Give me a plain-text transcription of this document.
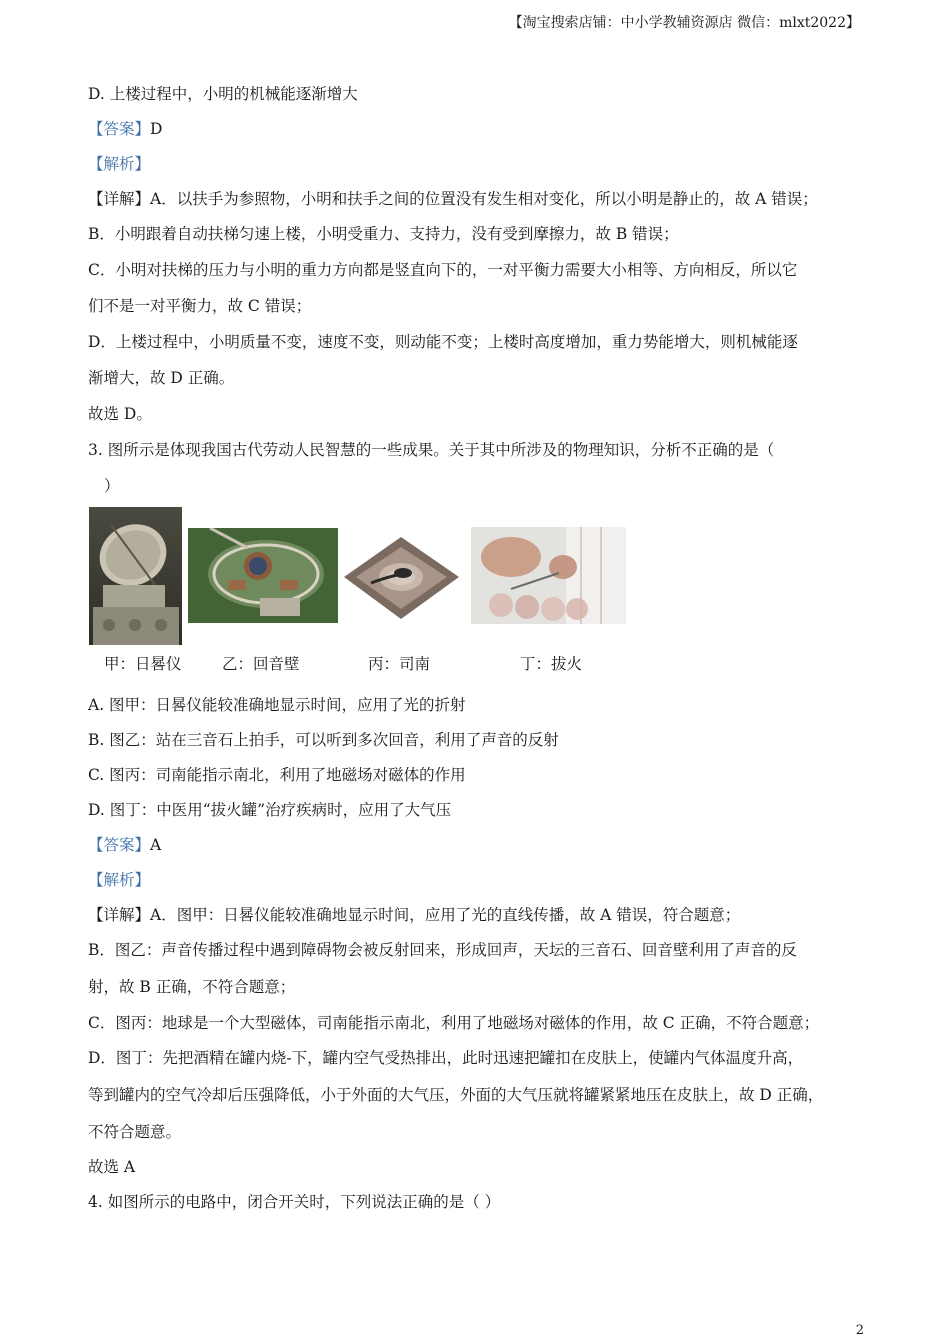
【淘宝搜索店铺：中小学教辅资源店 微信：mlxt2022】
D. 上楼过程中，小明的机械能逐渐增大
【答案】D
【解析】
【详解】A．以扶手为参照物，小明和扶手之间的位置没有发生相对变化，所以小明是静止的，故 A 错误；
B．小明跟着自动扶梯匀速上楼，小明受重力、支持力，没有受到摩擦力，故 B 错误；
C．小明对扶梯的压力与小明的重力方向都是竖直向下的，一对平衡力需要大小相等、方向相反，所以它
们不是一对平衡力，故 C 错误；
D．上楼过程中，小明质量不变，速度不变，则动能不变；上楼时高度增加，重力势能增大，则机械能逐
渐增大，故 D 正确。
故选 D。
3. 图所示是体现我国古代劳动人民智慧的一些成果。关于其中所涉及的物理知识，分析不正确的是（
）
甲：日晷仪	乙：回音壁	丙：司南	丁：拔火
A. 图甲：日晷仪能较准确地显示时间，应用了光的折射
B. 图乙：站在三音石上拍手，可以听到多次回音，利用了声音的反射
C. 图丙：司南能指示南北，利用了地磁场对磁体的作用
D. 图丁：中医用“拔火罐”治疗疾病时，应用了大气压
【答案】A
【解析】
【详解】A．图甲：日晷仪能较准确地显示时间，应用了光的直线传播，故 A 错误，符合题意；
B．图乙：声音传播过程中遇到障碍物会被反射回来，形成回声，天坛的三音石、回音壁利用了声音的反
射，故 B 正确，不符合题意；
C．图丙：地球是一个大型磁体，司南能指示南北，利用了地磁场对磁体的作用，故 C 正确，不符合题意；
D．图丁：先把酒精在罐内烧-下，罐内空气受热排出，此时迅速把罐扣在皮肤上，使罐内气体温度升高，
等到罐内的空气冷却后压强降低，小于外面的大气压，外面的大气压就将罐紧紧地压在皮肤上，故 D 正确，
不符合题意。
故选 A
4. 如图所示的电路中，闭合开关时，下列说法正确的是（ ）
2
